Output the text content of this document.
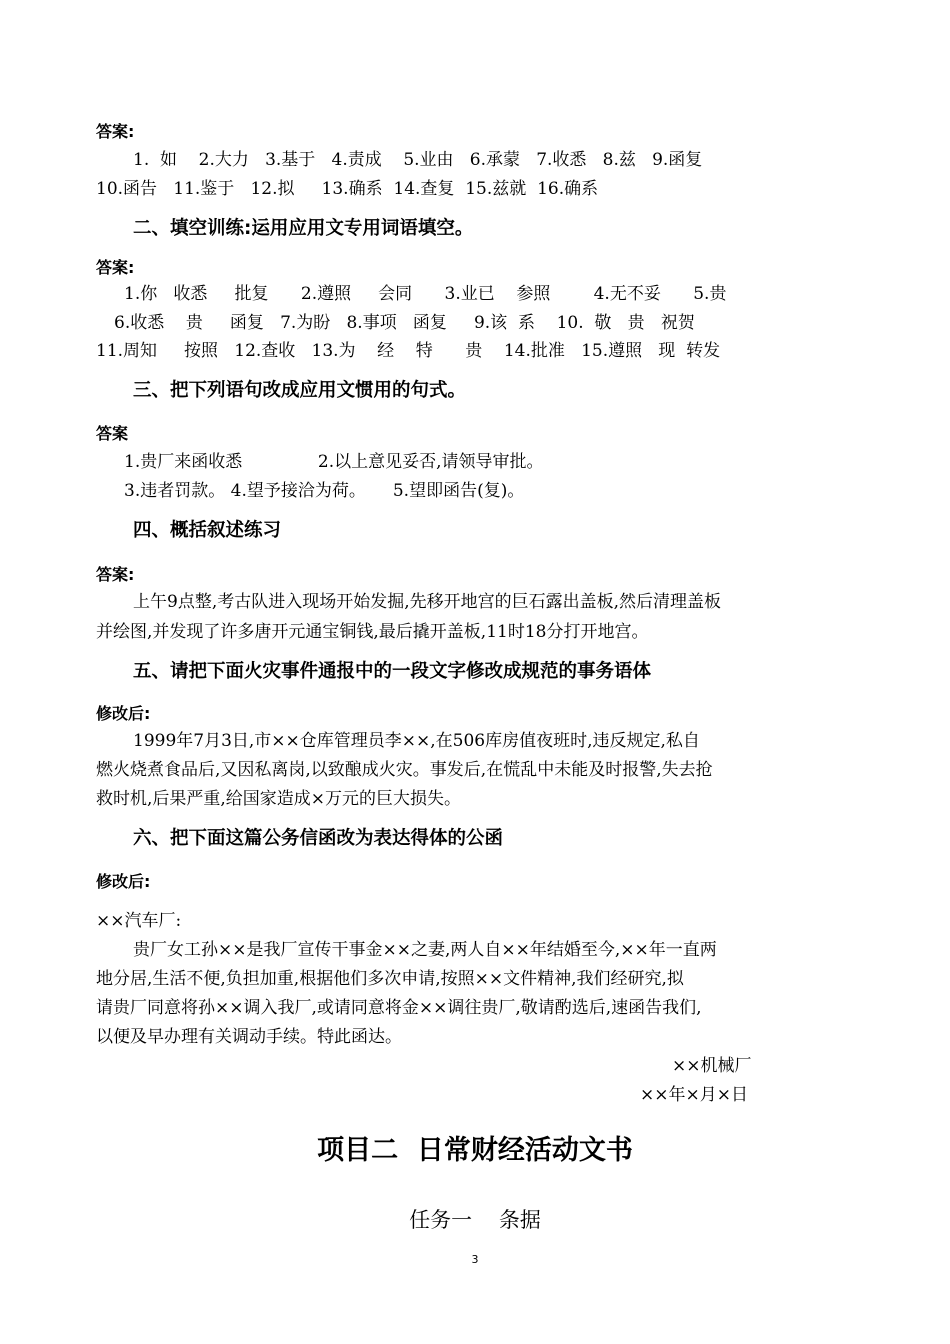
答案:
1.  如    2.大力   3.基于   4.责成    5.业由   6.承蒙   7.收悉   8.兹   9.函复
10.函告   11.鉴于   12.拟     13.确系  14.查复  15.兹就  16.确系
二、填空训练:运用应用文专用词语填空。
答案:
1.你   收悉     批复      2.遵照     会同      3.业已    参照        4.无不妥      5.贵
6.收悉    贵     函复   7.为盼   8.事项   函复     9.该  系    10.  敬   贵   祝贺
11.周知     按照   12.查收   13.为    经    特      贵    14.批准   15.遵照   现  转发
三、把下列语句改成应用文惯用的句式。
答案
1.贵厂来函收悉              2.以上意见妥否,请领导审批。
3.违者罚款。 4.望予接洽为荷。     5.望即函告(复)。
四、概括叙述练习
答案:
上午9点整,考古队进入现场开始发掘,先移开地宫的巨石露出盖板,然后清理盖板
并绘图,并发现了许多唐开元通宝铜钱,最后撬开盖板,11时18分打开地宫。
五、请把下面火灾事件通报中的一段文字修改成规范的事务语体
修改后:
1999年7月3日,市××仓库管理员李××,在506库房值夜班时,违反规定,私自
燃火烧煮食品后,又因私离岗,以致酿成火灾。事发后,在慌乱中未能及时报警,失去抢
救时机,后果严重,给国家造成×万元的巨大损失。
六、把下面这篇公务信函改为表达得体的公函
修改后:
××汽车厂:
贵厂女工孙××是我厂宣传干事金××之妻,两人自××年结婚至今,××年一直两
地分居,生活不便,负担加重,根据他们多次申请,按照××文件精神,我们经研究,拟
请贵厂同意将孙××调入我厂,或请同意将金××调往贵厂,敬请酌选后,速函告我们,
以便及早办理有关调动手续。特此函达。
××机械厂
××年×月×日
项目二  日常财经活动文书
任务一    条据
3
